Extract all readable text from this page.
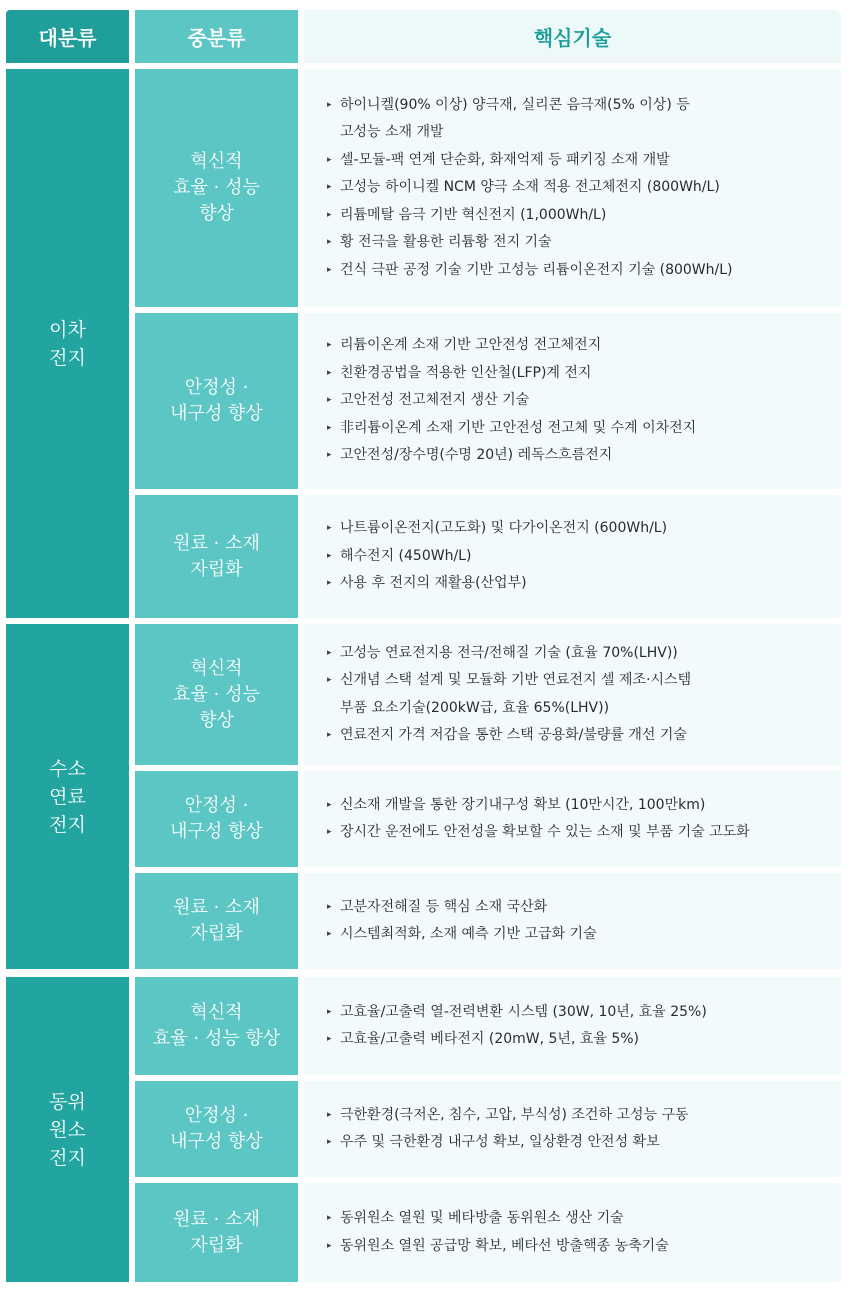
대분류	중분류	핵심기술
이차
전지
수소
연료
전지
동위
원소
전지
혁신적
효율 · 성능
향상
안정성 ·
내구성 향상
원료 · 소재
자립화
혁신적
효율 · 성능
향상
안정성 ·
내구성 향상
원료 · 소재
자립화
혁신적
효율 · 성능 향상
안정성 ·
내구성 향상
원료 · 소재
자립화
▸ 하이니켈(90% 이상) 양극재, 실리콘 음극재(5% 이상) 등
고성능 소재 개발
▸ 셀-모듈-팩 연계 단순화, 화재억제 등 패키징 소재 개발
▸ 고성능 하이니켈 NCM 양극 소재 적용 전고체전지 (800Wh/L)
▸ 리튬메탈 음극 기반 혁신전지 (1,000Wh/L)
▸ 황 전극을 활용한 리튬황 전지 기술
▸ 건식 극판 공정 기술 기반 고성능 리튬이온전지 기술 (800Wh/L)
▸ 리튬이온계 소재 기반 고안전성 전고체전지
▸ 친환경공법을 적용한 인산철(LFP)계 전지
▸ 고안전성 전고체전지 생산 기술
▸ 非리튬이온계 소재 기반 고안전성 전고체 및 수계 이차전지
▸ 고안전성/장수명(수명 20년) 레독스흐름전지
▸ 나트륨이온전지(고도화) 및 다가이온전지 (600Wh/L)
▸ 해수전지 (450Wh/L)
▸ 사용 후 전지의 재활용(산업부)
▸ 고성능 연료전지용 전극/전해질 기술 (효율 70%(LHV))
▸ 신개념 스택 설계 및 모듈화 기반 연료전지 셀 제조·시스템
부품 요소기술(200kW급, 효율 65%(LHV))
▸ 연료전지 가격 저감을 통한 스택 공용화/불량률 개선 기술
▸ 신소재 개발을 통한 장기내구성 확보 (10만시간, 100만km)
▸ 장시간 운전에도 안전성을 확보할 수 있는 소재 및 부품 기술 고도화
▸ 고분자전해질 등 핵심 소재 국산화
▸ 시스템최적화, 소재 예측 기반 고급화 기술
▸ 고효율/고출력 열-전력변환 시스템 (30W, 10년, 효율 25%)
▸ 고효율/고출력 베타전지 (20mW, 5년, 효율 5%)
▸ 극한환경(극저온, 침수, 고압, 부식성) 조건하 고성능 구동
▸ 우주 및 극한환경 내구성 확보, 일상환경 안전성 확보
▸ 동위원소 열원 및 베타방출 동위원소 생산 기술
▸ 동위원소 열원 공급망 확보, 베타선 방출핵종 농축기술
